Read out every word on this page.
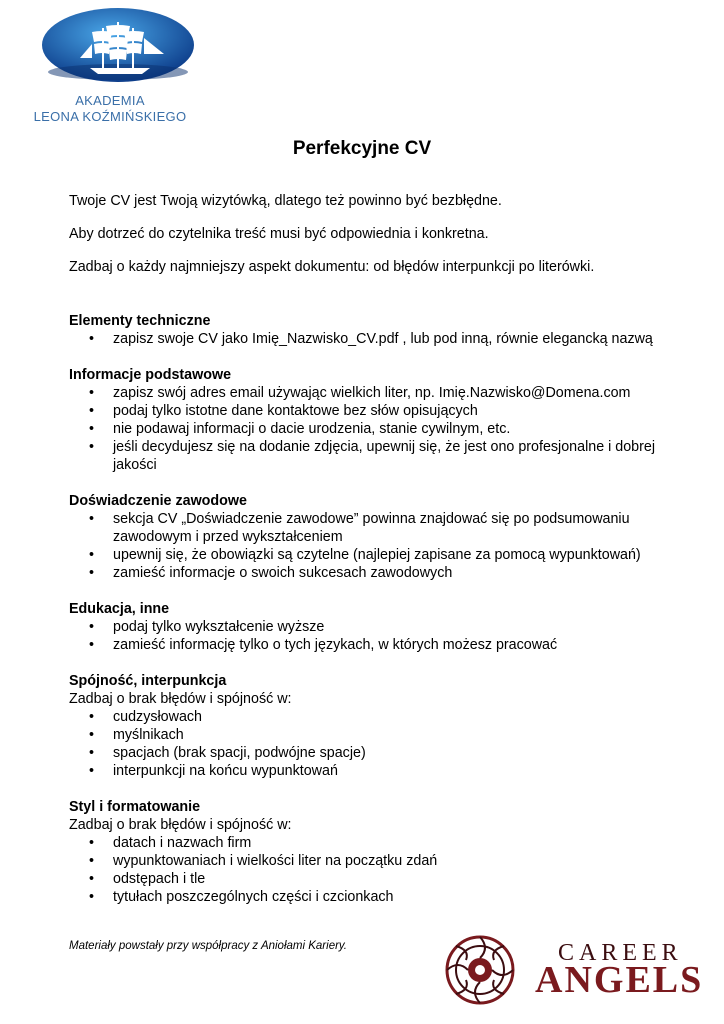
AKADEMIA
LEONA KOŹMIŃSKIEGO
Perfekcyjne CV

Twoje CV jest Twoją wizytówką, dlatego też powinno być bezbłędne.

Aby dotrzeć do czytelnika treść musi być odpowiednia i konkretna.

Zadbaj o każdy najmniejszy aspekt dokumentu: od błędów interpunkcji po literówki.

Elementy techniczne

• zapisz swoje CV jako Imię_Nazwisko_CV.pdf , lub pod inną, równie elegancką nazwą

Informacje podstawowe

• zapisz swój adres email używając wielkich liter, np. Imię.Nazwisko@Domena.com
• podaj tylko istotne dane kontaktowe bez słów opisujących
• nie podawaj informacji o dacie urodzenia, stanie cywilnym, etc.
• jeśli decydujesz się na dodanie zdjęcia, upewnij się, że jest ono profesjonalne i dobrej jakości

Doświadczenie zawodowe

• sekcja CV „Doświadczenie zawodowe” powinna znajdować się po podsumowaniu zawodowym i przed wykształceniem
• upewnij się, że obowiązki są czytelne (najlepiej zapisane za pomocą wypunktowań)
• zamieść informacje o swoich sukcesach zawodowych

Edukacja, inne

• podaj tylko wykształcenie wyższe
• zamieść informację tylko o tych językach, w których możesz pracować

Spójność, interpunkcja

Zadbaj o brak błędów i spójność w:

• cudzysłowach
• myślnikach
• spacjach (brak spacji, podwójne spacje)
• interpunkcji na końcu wypunktowań

Styl i formatowanie

Zadbaj o brak błędów i spójność w:

• datach i nazwach firm
• wypunktowaniach i wielkości liter na początku zdań
• odstępach i tle
• tytułach poszczególnych części i czcionkach
Materiały powstały przy współpracy z Aniołami Kariery.	CAREER
ANGELS
